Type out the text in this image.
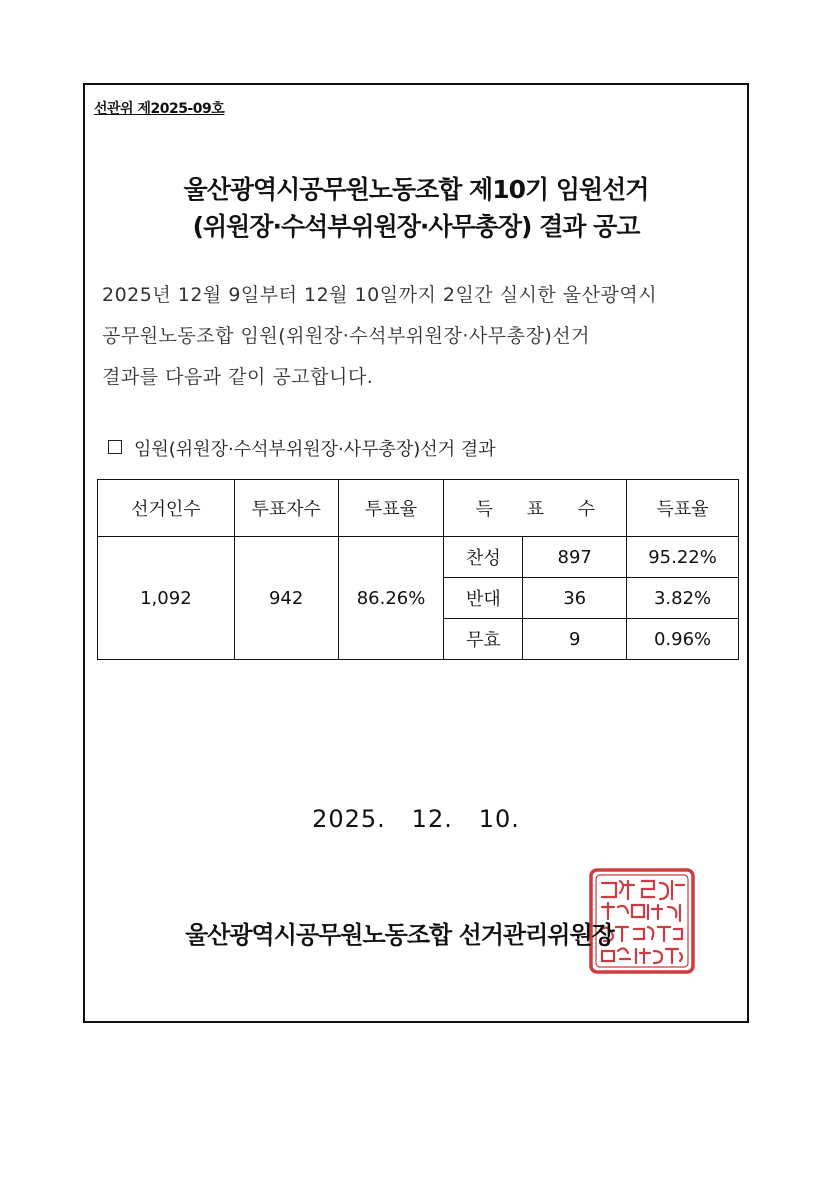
선관위 제2025-09호
울산광역시공무원노동조합 제10기 임원선거
(위원장·수석부위원장·사무총장) 결과 공고
2025년 12월 9일부터 12월 10일까지 2일간 실시한 울산광역시
공무원노동조합 임원(위원장·수석부위원장·사무총장)선거
결과를 다음과 같이 공고합니다.
임원(위원장·수석부위원장·사무총장)선거 결과
선거인수	투표자수	투표율	득 표 수		득표율
1,092	942	86.26%	찬성	897	95.22%
			반대	36	3.82%
			무효	9	0.96%
2025.   12.   10.
울산광역시공무원노동조합 선거관리위원장
